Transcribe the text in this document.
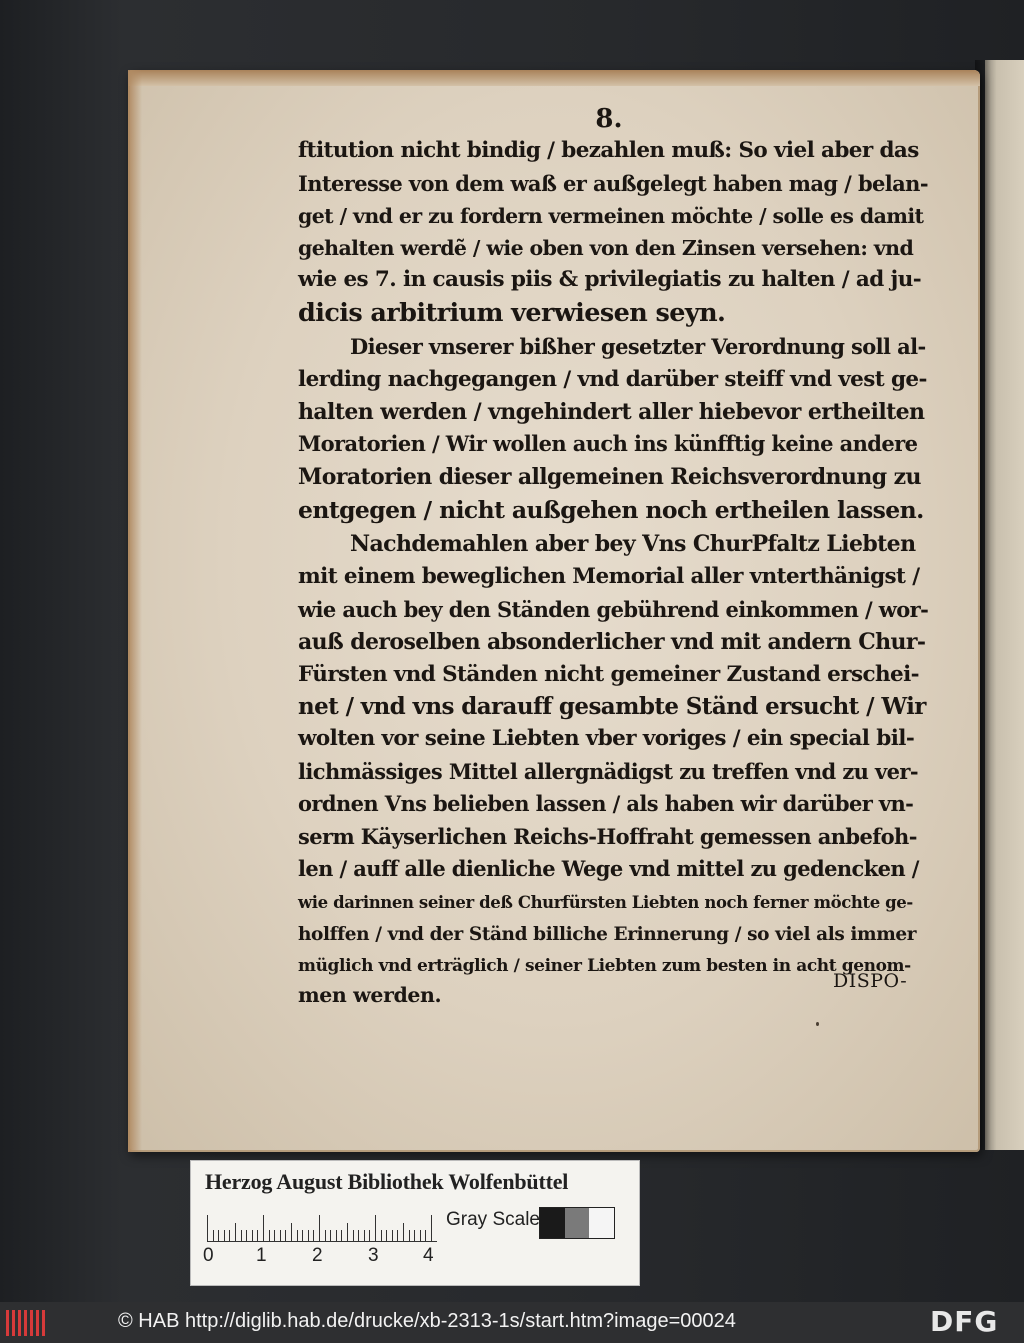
8.
ftitution nicht bindig / bezahlen muß: So viel aber das
Interesse von dem waß er außgelegt haben mag / belan-
get / vnd er zu fordern vermeinen möchte / solle es damit
gehalten werdẽ / wie oben von den Zinsen versehen: vnd
wie es 7. in causis piis & privilegiatis zu halten / ad ju-
dicis arbitrium verwiesen seyn.
Dieser vnserer bißher gesetzter Verordnung soll al-
lerding nachgegangen / vnd darüber steiff vnd vest ge-
halten werden / vngehindert aller hiebevor ertheilten
Moratorien / Wir wollen auch ins künfftig keine andere
Moratorien dieser allgemeinen Reichsverordnung zu
entgegen / nicht außgehen noch ertheilen lassen.
Nachdemahlen aber bey Vns ChurPfaltz Liebten
mit einem beweglichen Memorial aller vnterthänigst /
wie auch bey den Ständen gebührend einkommen / wor-
auß deroselben absonderlicher vnd mit andern Chur-
Fürsten vnd Ständen nicht gemeiner Zustand erschei-
net / vnd vns darauff gesambte Ständ ersucht / Wir
wolten vor seine Liebten vber voriges / ein special bil-
lichmässiges Mittel allergnädigst zu treffen vnd zu ver-
ordnen Vns belieben lassen / als haben wir darüber vn-
serm Käyserlichen Reichs-Hoffraht gemessen anbefoh-
len / auff alle dienliche Wege vnd mittel zu gedencken /
wie darinnen seiner deß Churfürsten Liebten noch ferner möchte ge-
holffen / vnd der Ständ billiche Erinnerung / so viel als immer
müglich vnd erträglich / seiner Liebten zum besten in acht genom-
men werden.
DISPO-
Herzog August Bibliothek Wolfenbüttel
0 1 2 3 4
Gray Scale
© HAB http://diglib.hab.de/drucke/xb-2313-1s/start.htm?image=00024	DFG
